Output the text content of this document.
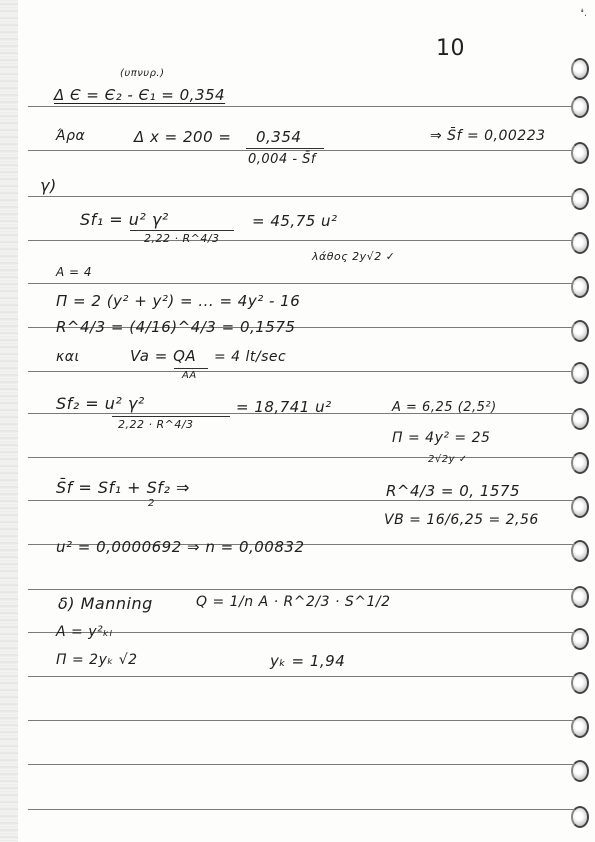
❛.
10
(υπνυρ.)
Δ Є = Є₂ - Є₁ = 0,354
Άρα	Δ x = 200 = 0,354
0,004 - S̄f
⇒ S̄f = 0,00223
γ)
Sf₁ = u² γ²
2,22 · R^4/3
= 45,75 u²
A = 4
λάθος 2y√2 ✓
Π = 2 (y² + y²) = ... = 4y² - 16
R^4/3 = (4/16)^4/3 = 0,1575
και	Va = QA
AA
= 4 lt/sec
Sf₂ = u² γ²
2,22 · R^4/3
= 18,741 u²	A = 6,25 (2,5²)
Π = 4y² = 25
2√2y ✓
S̄f = Sf₁ + Sf₂ ⇒
2
R^4/3 = 0, 1575
VB = 16/6,25 = 2,56
u² = 0,0000692 ⇒ n = 0,00832
δ) Manning	Q = 1/n A · R^2/3 · S^1/2
A = y²ₖₗ
Π = 2yₖ √2	yₖ = 1,94
